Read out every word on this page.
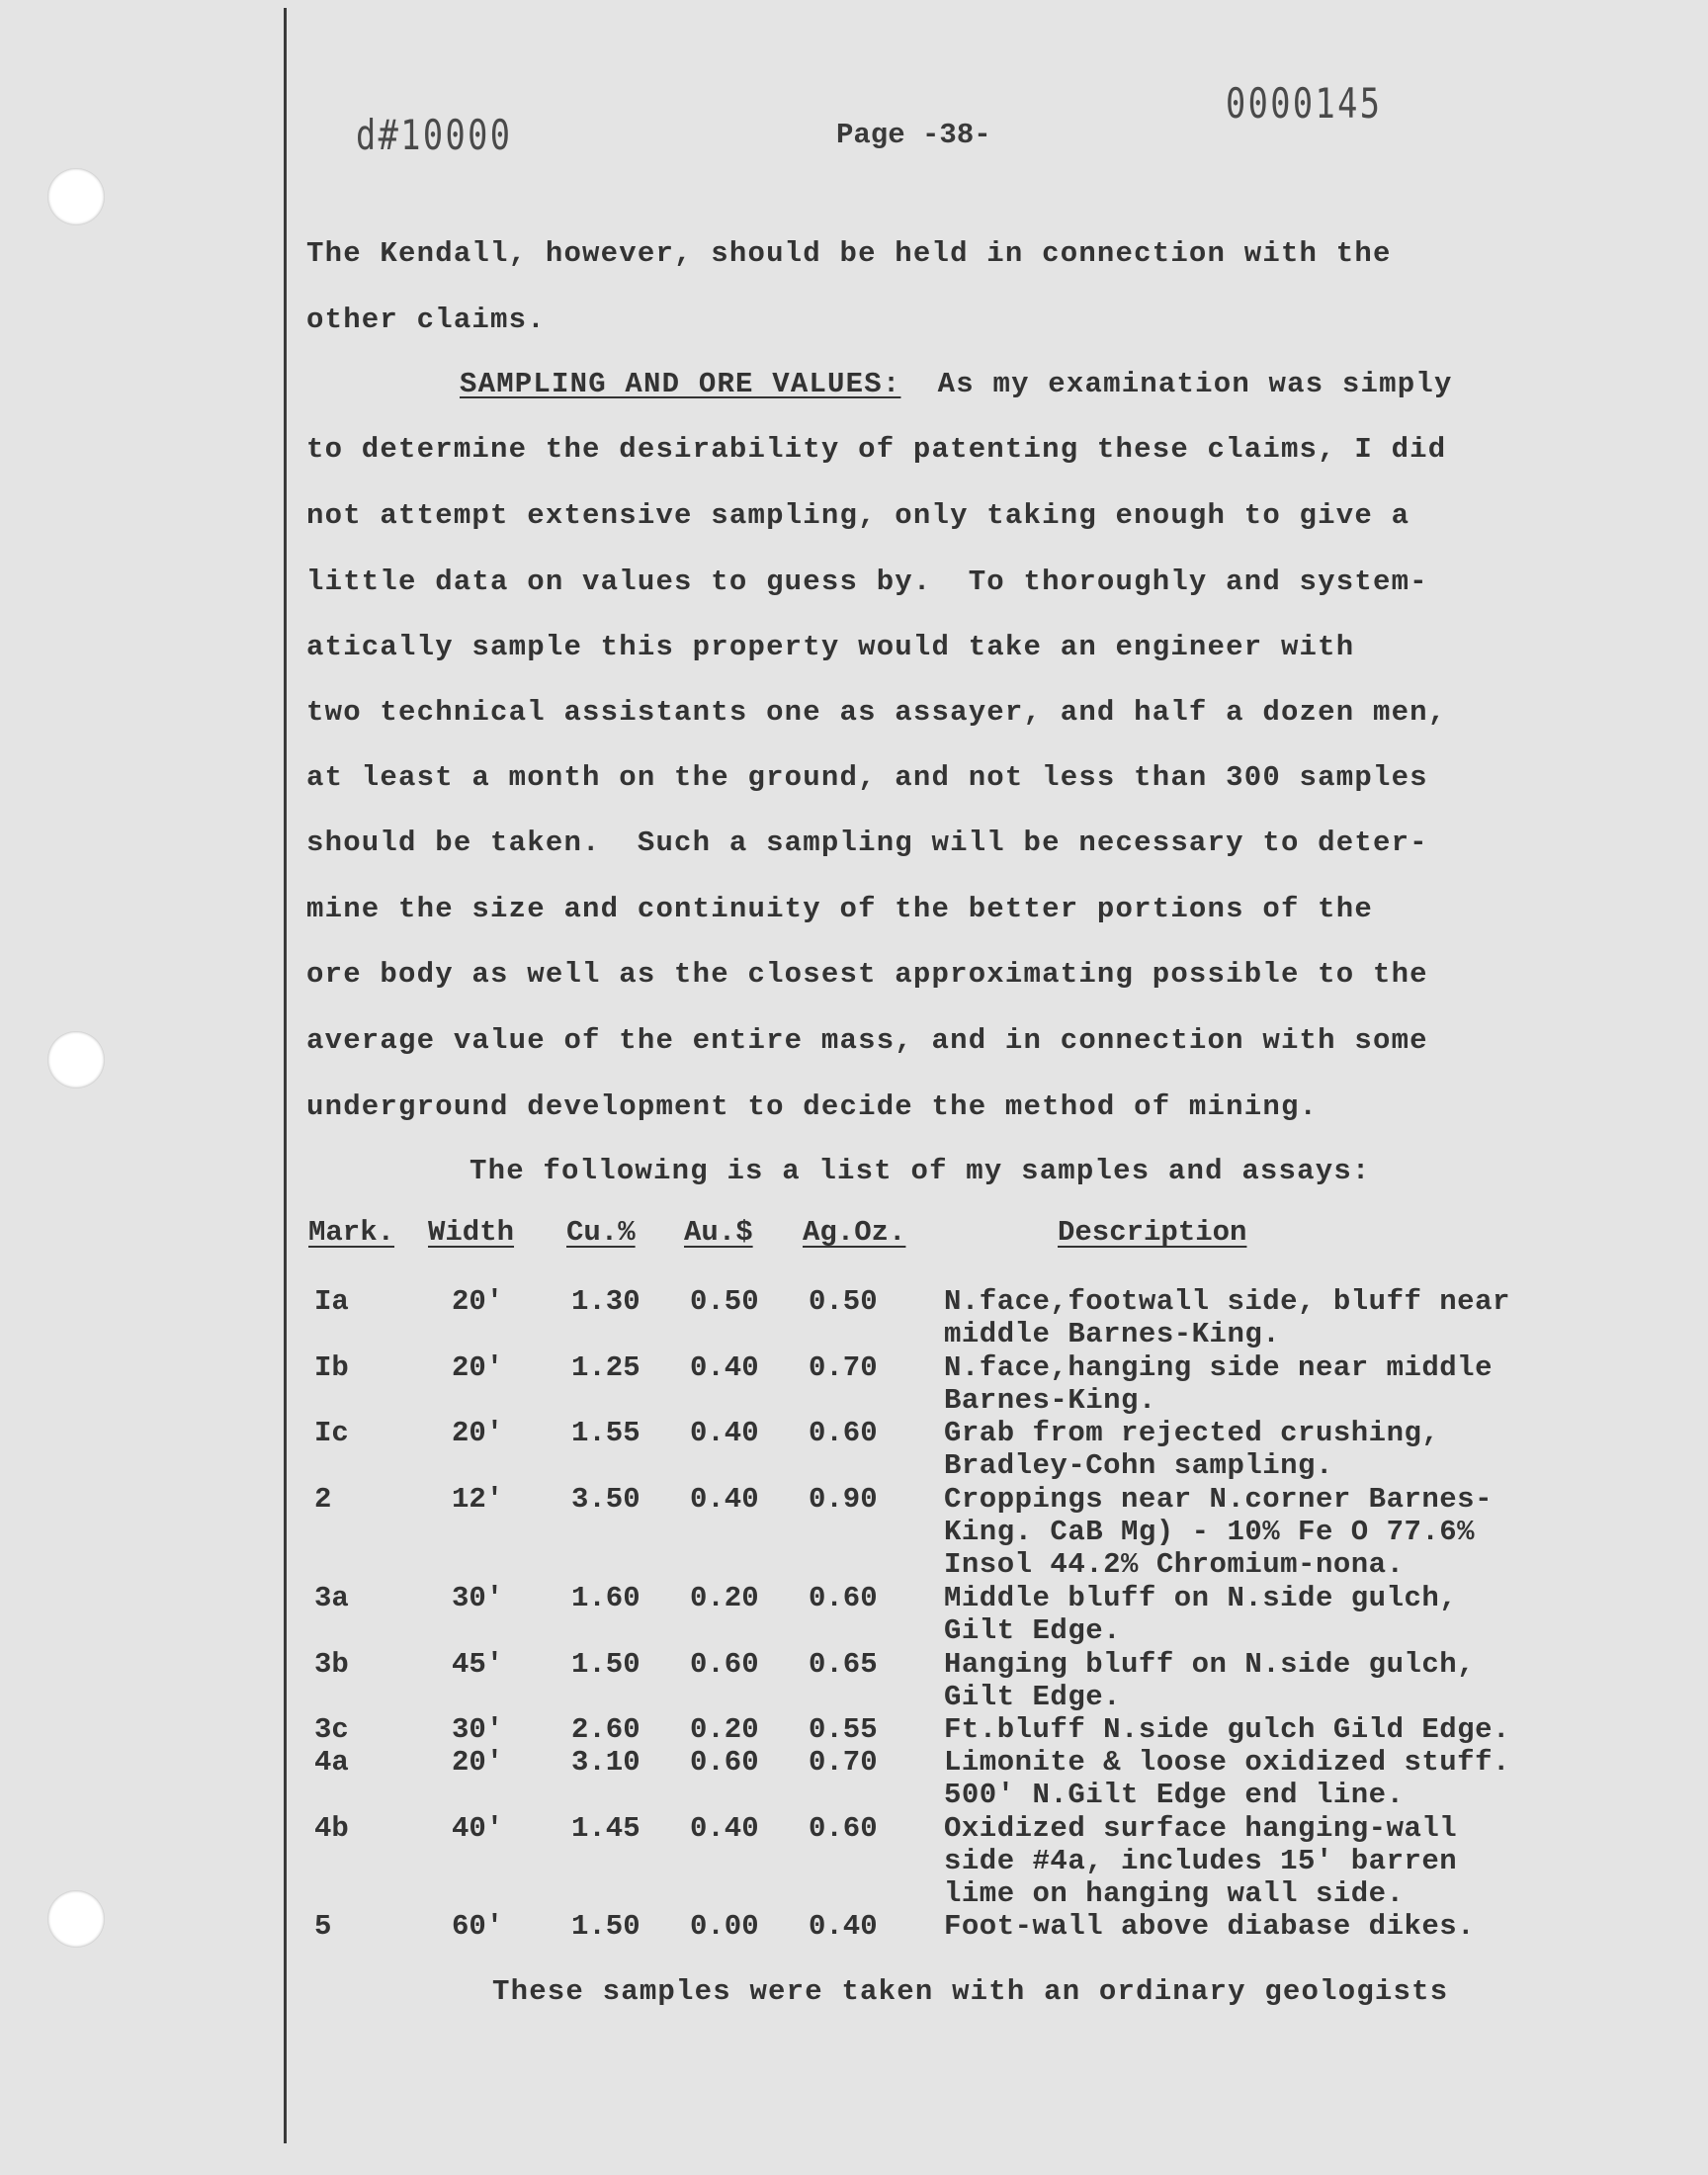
d#10000	Page -38-
0000145
The Kendall, however, should be held in connection with the
other claims.
SAMPLING AND ORE VALUES:  As my examination was simply
to determine the desirability of patenting these claims, I did
not attempt extensive sampling, only taking enough to give a
little data on values to guess by.  To thoroughly and system-
atically sample this property would take an engineer with
two technical assistants one as assayer, and half a dozen men,
at least a month on the ground, and not less than 300 samples
should be taken.  Such a sampling will be necessary to deter-
mine the size and continuity of the better portions of the
ore body as well as the closest approximating possible to the
average value of the entire mass, and in connection with some
underground development to decide the method of mining.
The following is a list of my samples and assays:
Mark. Width Cu.% Au.$ Ag.Oz.	Description
Ia	20' 1.30 0.50 0.50 N.face,footwall side, bluff near
middle Barnes-King.
Ib	20' 1.25 0.40 0.70 N.face,hanging side near middle
Barnes-King.
Ic	20' 1.55 0.40 0.60 Grab from rejected crushing,
Bradley-Cohn sampling.
2	12' 3.50 0.40 0.90 Croppings near N.corner Barnes-
King. CaB Mg) - 10% Fe O 77.6%
Insol 44.2% Chromium-nona.
3a	30' 1.60 0.20 0.60 Middle bluff on N.side gulch,
Gilt Edge.
3b	45' 1.50 0.60 0.65 Hanging bluff on N.side gulch,
Gilt Edge.
3c	30' 2.60 0.20 0.55 Ft.bluff N.side gulch Gild Edge.
4a	20' 3.10 0.60 0.70 Limonite & loose oxidized stuff.
500' N.Gilt Edge end line.
4b	40' 1.45 0.40 0.60 Oxidized surface hanging-wall
side #4a, includes 15' barren
lime on hanging wall side.
5	60' 1.50 0.00 0.40 Foot-wall above diabase dikes.
These samples were taken with an ordinary geologists
